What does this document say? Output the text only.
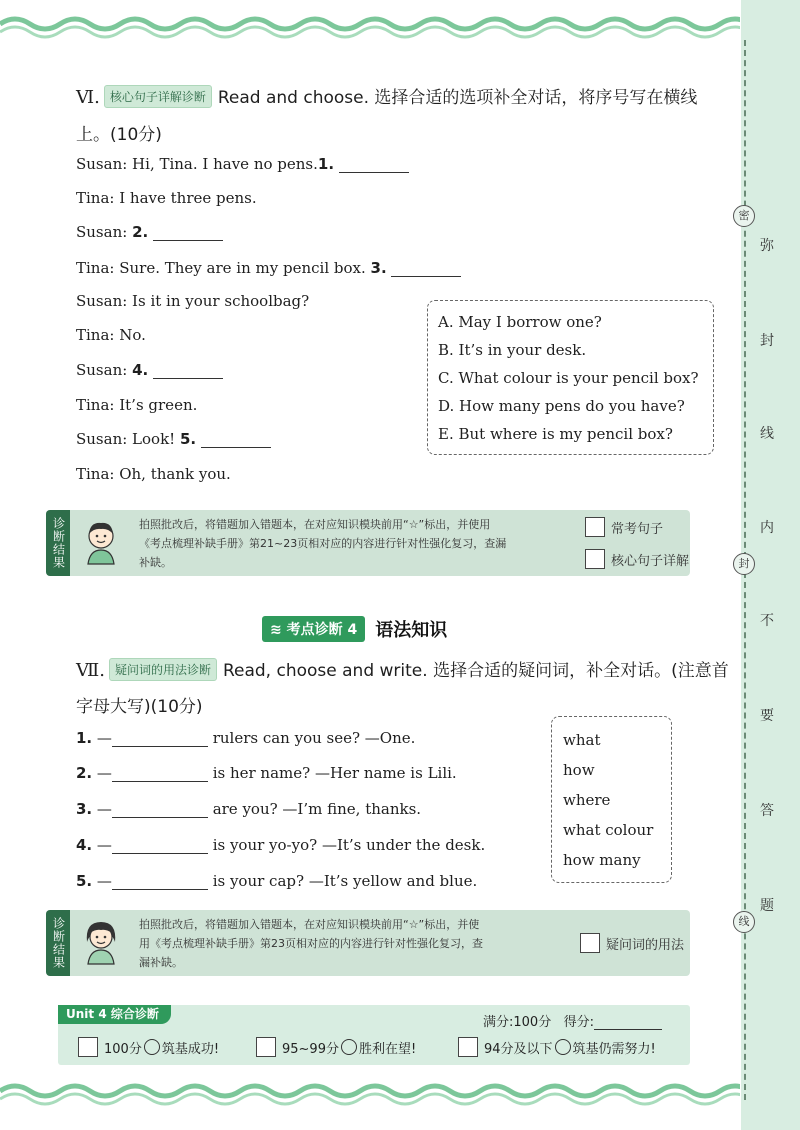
密
封
线
弥
封
线
内
不
要
答
题
Ⅵ. 核心句子详解诊断 Read and choose. 选择合适的选项补全对话，将序号写在横线
上。(10分)
Susan: Hi, Tina. I have no pens.1.
Tina: I have three pens.
Susan: 2.
Tina: Sure. They are in my pencil box. 3.
Susan: Is it in your schoolbag?
Tina: No.
Susan: 4.
Tina: It’s green.
Susan: Look! 5.
Tina: Oh, thank you.
A. May I borrow one?
B. It’s in your desk.
C. What colour is your pencil box?
D. How many pens do you have?
E. But where is my pencil box?
诊断结果	拍照批改后，将错题加入错题本，在对应知识模块前用“☆”标出，并使用
《考点梳理补缺手册》第21~23页相对应的内容进行针对性强化复习，查漏
补缺。
常考句子
核心句子详解
≋ 考点诊断 4	语法知识
Ⅶ. 疑问词的用法诊断 Read, choose and write. 选择合适的疑问词，补全对话。(注意首
字母大写)(10分)
1. —	rulers can you see? —One.
2. —	is her name? —Her name is Lili.
3. —	are you? —I’m fine, thanks.
4. —	is your yo-yo? —It’s under the desk.
5. —	is your cap? —It’s yellow and blue.
what
how
where
what colour
how many
诊断结果	拍照批改后，将错题加入错题本，在对应知识模块前用“☆”标出，并使
用《考点梳理补缺手册》第23页相对应的内容进行针对性强化复习，查
漏补缺。
疑问词的用法
Unit 4 综合诊断
满分:100分 得分:
100分 筑基成功!	95~99分 胜利在望!	94分及以下 筑基仍需努力!
